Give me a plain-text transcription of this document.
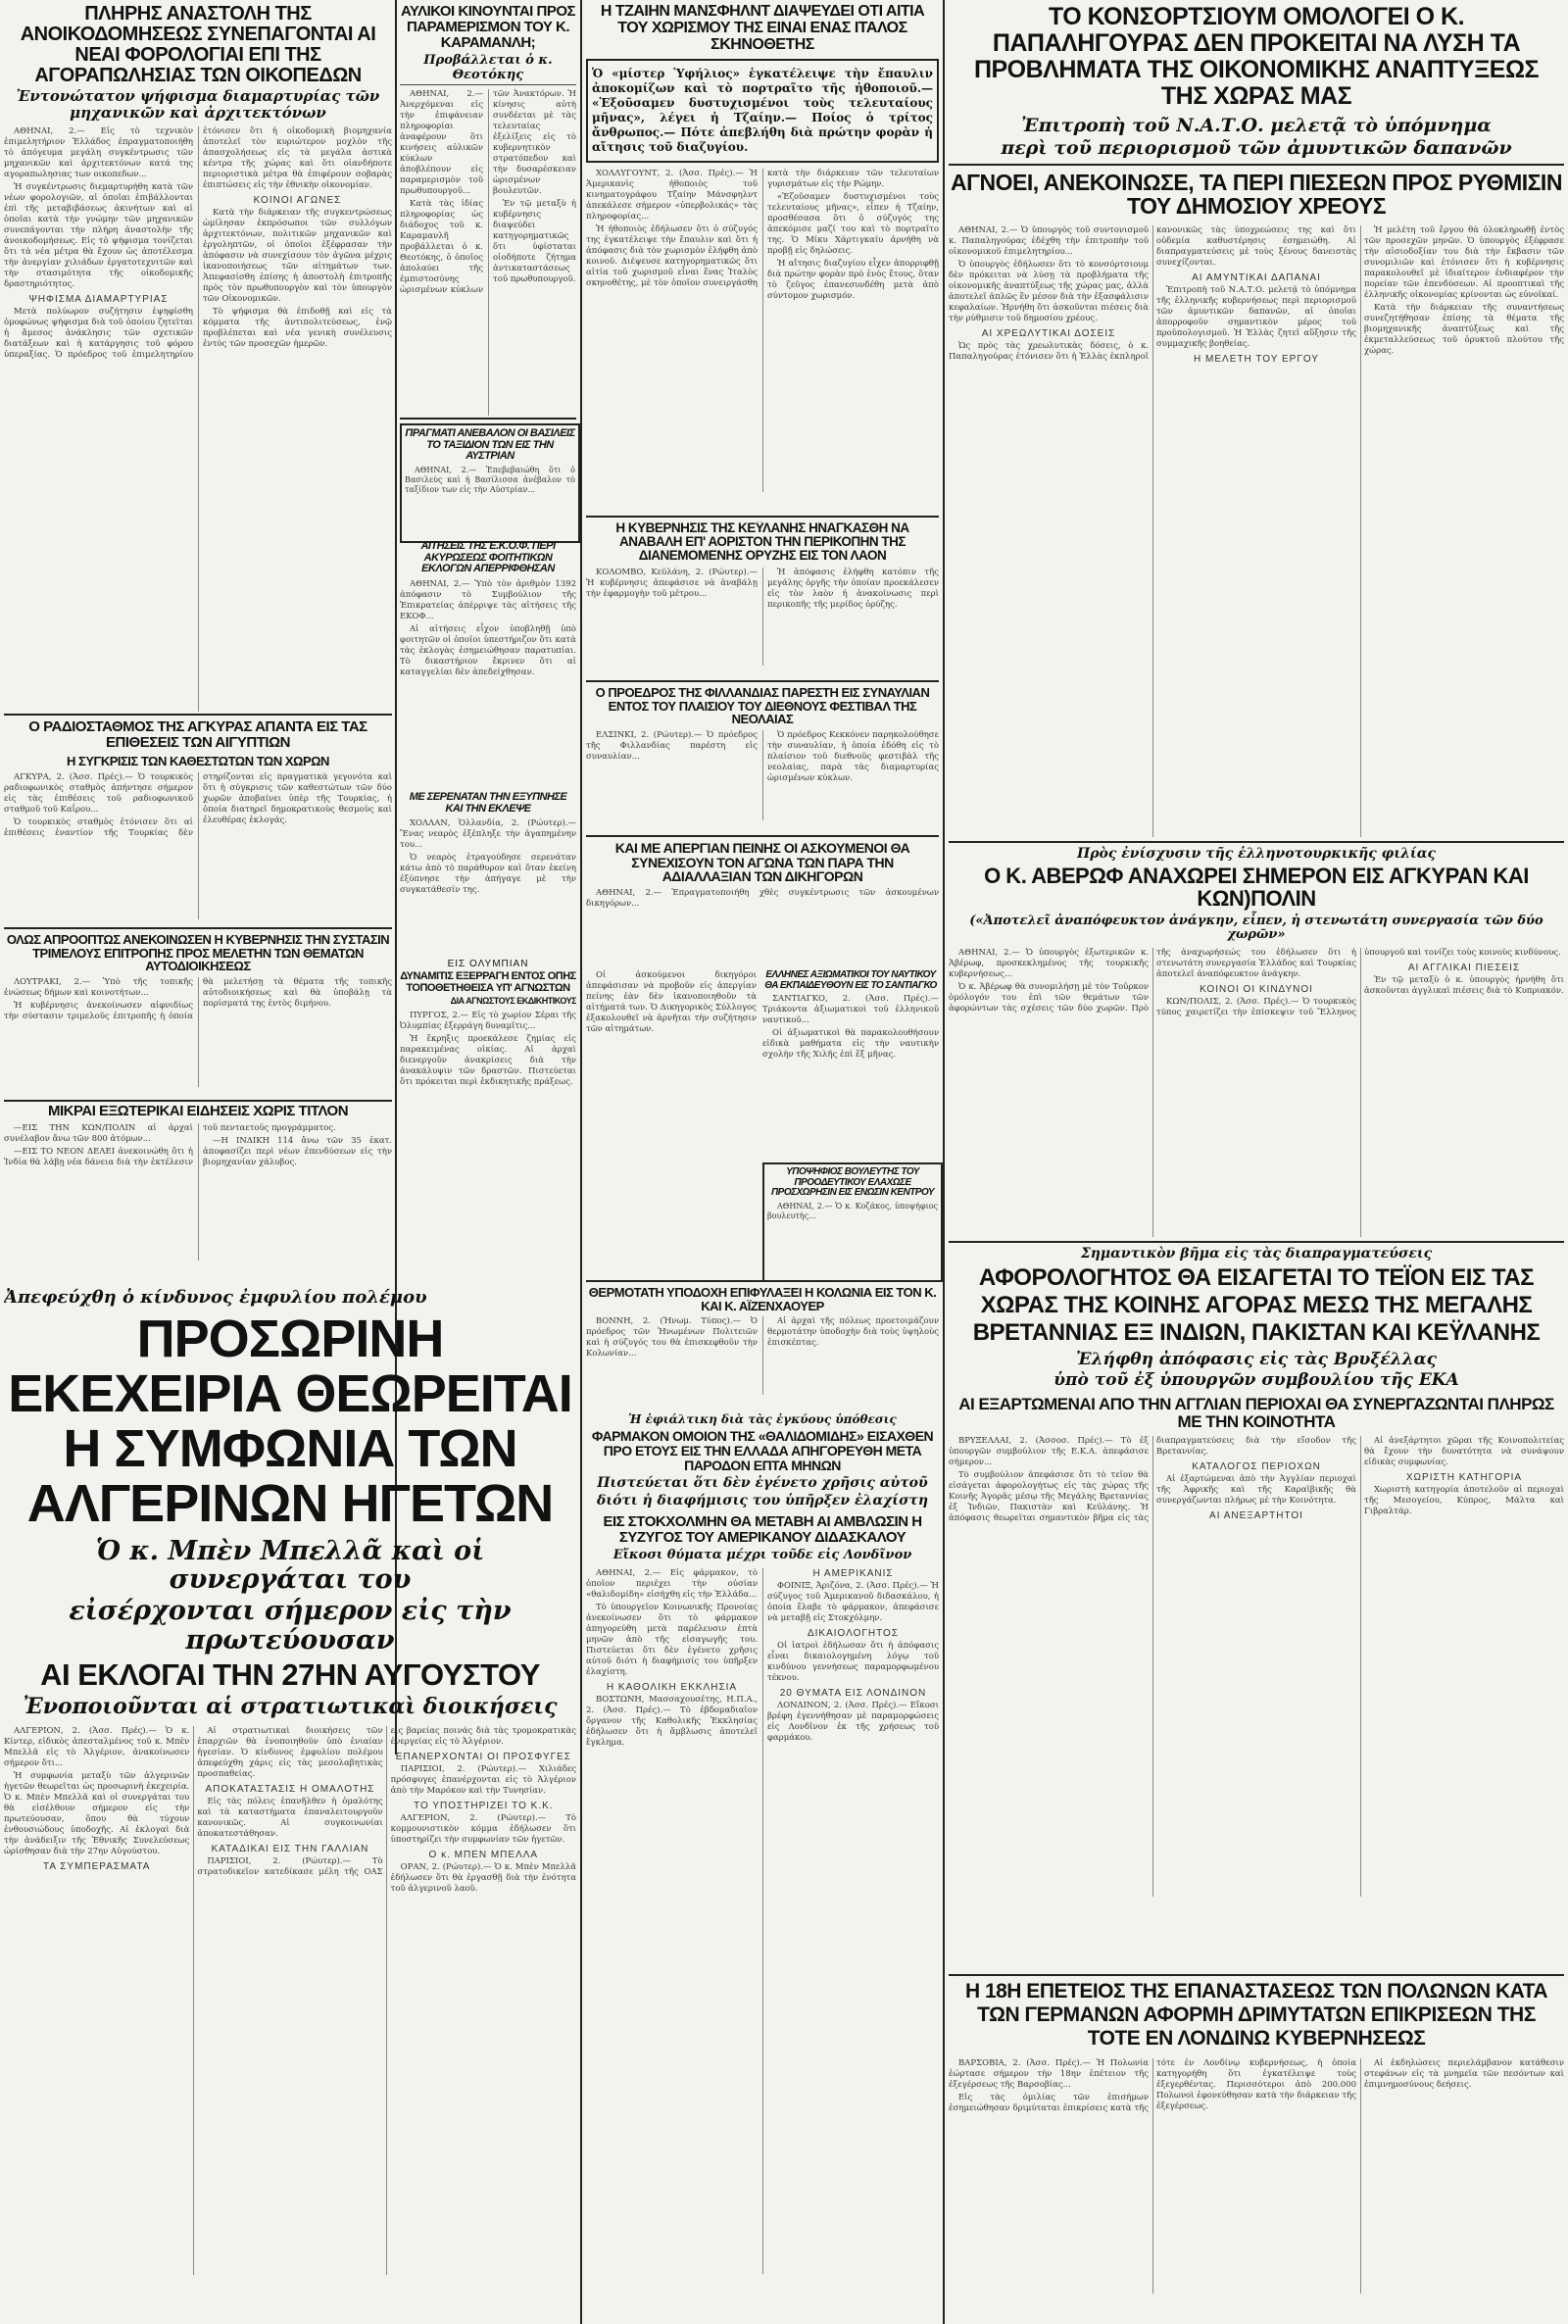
ΠΛΗΡΗΣ ΑΝΑΣΤΟΛΗ ΤΗΣ ΑΝΟΙΚΟΔΟΜΗΣΕΩΣ ΣΥΝΕΠΑΓΟΝΤΑΙ ΑΙ ΝΕΑΙ ΦΟΡΟΛΟΓΙΑΙ ΕΠΙ ΤΗΣ ΑΓΟΡΑΠΩΛΗΣΙΑΣ ΤΩΝ ΟΙΚΟΠΕΔΩΝ
Ἐντονώτατον ψήφισμα διαμαρτυρίας τῶν μηχανικῶν καὶ ἀρχιτεκτόνων

ΑΘΗΝΑΙ, 2.— Εἰς τὸ τεχνικὸν ἐπιμελητήριον Ἑλλάδος ἐπραγματοποιήθη τὸ ἀπόγευμα μεγάλη συγκέντρωσις τῶν μηχανικῶν καὶ ἀρχιτεκτόνων κατά της αγοραπωλησιας των οικοπεδων...

Ἡ συγκέντρωσις διεμαρτυρήθη κατὰ τῶν νέων φορολογιῶν, αἱ ὁποῖαι ἐπιβάλλονται ἐπὶ τῆς μεταβιβάσεως ἀκινήτων καὶ αἱ ὁποῖαι κατὰ τὴν γνώμην τῶν μηχανικῶν συνεπάγονται τὴν πλήρη ἀναστολὴν τῆς ἀνοικοδομήσεως. Εἰς τὸ ψήφισμα τονίζεται ὅτι τὰ νέα μέτρα θὰ ἔχουν ὡς ἀποτέλεσμα τὴν ἀνεργίαν χιλιάδων ἐργατοτεχνιτῶν καὶ τὴν στασιμότητα τῆς οἰκοδομικῆς δραστηριότητος.

ΨΗΦΙΣΜΑ ΔΙΑΜΑΡΤΥΡΙΑΣ

Μετὰ πολύωρον συζήτησιν ἐψηφίσθη ὁμοφώνως ψήφισμα διὰ τοῦ ὁποίου ζητεῖται ἡ ἄμεσος ἀνάκλησις τῶν σχετικῶν διατάξεων καὶ ἡ κατάργησις τοῦ φόρου ὑπεραξίας. Ὁ πρόεδρος τοῦ ἐπιμελητηρίου ἐτόνισεν ὅτι ἡ οἰκοδομικὴ βιομηχανία ἀποτελεῖ τὸν κυριώτερον μοχλὸν τῆς ἀπασχολήσεως εἰς τὰ μεγάλα ἀστικὰ κέντρα τῆς χώρας καὶ ὅτι οἱανδήποτε περιοριστικὰ μέτρα θὰ ἐπιφέρουν σοβαρὰς ἐπιπτώσεις εἰς τὴν ἐθνικὴν οἰκονομίαν.

ΚΟΙΝΟΙ ΑΓΩΝΕΣ

Κατὰ τὴν διάρκειαν τῆς συγκεντρώσεως ὡμίλησαν ἐκπρόσωποι τῶν συλλόγων ἀρχιτεκτόνων, πολιτικῶν μηχανικῶν καὶ ἐργοληπτῶν, οἱ ὁποῖοι ἐξέφρασαν τὴν ἀπόφασιν νὰ συνεχίσουν τὸν ἀγῶνα μέχρις ἱκανοποιήσεως τῶν αἰτημάτων των. Ἀπεφασίσθη ἐπίσης ἡ ἀποστολὴ ἐπιτροπῆς πρὸς τὸν πρωθυπουργὸν καὶ τὸν ὑπουργὸν τῶν Οἰκονομικῶν.

Τὸ ψήφισμα θὰ ἐπιδοθῇ καὶ εἰς τὰ κόμματα τῆς ἀντιπολιτεύσεως, ἐνῷ προβλέπεται καὶ νέα γενικὴ συνέλευσις ἐντὸς τῶν προσεχῶν ἡμερῶν.

Ο ΡΑΔΙΟΣΤΑΘΜΟΣ ΤΗΣ ΑΓΚΥΡΑΣ ΑΠΑΝΤΑ ΕΙΣ ΤΑΣ ΕΠΙΘΕΣΕΙΣ ΤΩΝ ΑΙΓΥΠΤΙΩΝ
Η ΣΥΓΚΡΙΣΙΣ ΤΩΝ ΚΑΘΕΣΤΩΤΩΝ ΤΩΝ ΧΩΡΩΝ

ΑΓΚΥΡΑ, 2. (Ἀσσ. Πρές).— Ὁ τουρκικὸς ραδιοφωνικὸς σταθμὸς ἀπήντησε σήμερον εἰς τὰς ἐπιθέσεις τοῦ ραδιοφωνικοῦ σταθμοῦ τοῦ Καΐρου...

Ὁ τουρκικὸς σταθμὸς ἐτόνισεν ὅτι αἱ ἐπιθέσεις ἐναντίον τῆς Τουρκίας δὲν στηρίζονται εἰς πραγματικὰ γεγονότα καὶ ὅτι ἡ σύγκρισις τῶν καθεστώτων τῶν δύο χωρῶν ἀποβαίνει ὑπὲρ τῆς Τουρκίας, ἡ ὁποία διατηρεῖ δημοκρατικοὺς θεσμοὺς καὶ ἐλευθέρας ἐκλογάς.

ΟΛΩΣ ΑΠΡΟΟΠΤΩΣ ΑΝΕΚΟΙΝΩΣΕΝ Η ΚΥΒΕΡΝΗΣΙΣ ΤΗΝ ΣΥΣΤΑΣΙΝ ΤΡΙΜΕΛΟΥΣ ΕΠΙΤΡΟΠΗΣ ΠΡΟΣ ΜΕΛΕΤΗΝ ΤΩΝ ΘΕΜΑΤΩΝ ΑΥΤΟΔΙΟΙΚΗΣΕΩΣ

ΛΟΥΤΡΑΚΙ, 2.— Ὑπὸ τῆς τοπικῆς ἐνώσεως δήμων καὶ κοινοτήτων...

Ἡ κυβέρνησις ἀνεκοίνωσεν αἰφνιδίως τὴν σύστασιν τριμελοῦς ἐπιτροπῆς ἡ ὁποία θὰ μελετήσῃ τὰ θέματα τῆς τοπικῆς αὐτοδιοικήσεως καὶ θὰ ὑποβάλῃ τὰ πορίσματά της ἐντὸς διμήνου.

ΜΙΚΡΑΙ ΕΞΩΤΕΡΙΚΑΙ ΕΙΔΗΣΕΙΣ ΧΩΡΙΣ ΤΙΤΛΟΝ

—ΕΙΣ ΤΗΝ ΚΩΝ/ΠΟΛΙΝ αἱ ἀρχαὶ συνέλαβον ἄνω τῶν 800 ἀτόμων...

—ΕΙΣ ΤΟ ΝΕΟΝ ΔΕΛΕΙ ἀνεκοινώθη ὅτι ἡ Ἰνδία θὰ λάβῃ νέα δάνεια διὰ τὴν ἐκτέλεσιν τοῦ πενταετοῦς προγράμματος.

—Η ΙΝΔΙΚΗ 114 ἄνω τῶν 35 ἑκατ. ἀποφασίζει περὶ νέων ἐπενδύσεων εἰς τὴν βιομηχανίαν χάλυβος.

ΑΥΛΙΚΟΙ ΚΙΝΟΥΝΤΑΙ ΠΡΟΣ ΠΑΡΑΜΕΡΙΣΜΟΝ ΤΟΥ Κ. ΚΑΡΑΜΑΝΛΗ;
Προβάλλεται ὁ κ. Θεοτόκης

ΑΘΗΝΑΙ, 2.— Ἀνερχόμεναι εἰς τὴν ἐπιφάνειαν πληροφορίαι ἀναφέρουν ὅτι κινήσεις αὐλικῶν κύκλων ἀποβλέπουν εἰς παραμερισμὸν τοῦ πρωθυπουργοῦ...

Κατὰ τὰς ἰδίας πληροφορίας ὡς διάδοχος τοῦ κ. Καραμανλῆ προβάλλεται ὁ κ. Θεοτόκης, ὁ ὁποῖος ἀπολαύει τῆς ἐμπιστοσύνης ὡρισμένων κύκλων τῶν Ἀνακτόρων. Ἡ κίνησις αὐτὴ συνδέεται μὲ τὰς τελευταίας ἐξελίξεις εἰς τὸ κυβερνητικὸν στρατόπεδον καὶ τὴν δυσαρέσκειαν ὡρισμένων βουλευτῶν.

Ἐν τῷ μεταξὺ ἡ κυβέρνησις διαψεύδει κατηγορηματικῶς ὅτι ὑφίσταται οἱοδήποτε ζήτημα ἀντικαταστάσεως τοῦ πρωθυπουργοῦ.

ΠΡΑΓΜΑΤΙ ΑΝΕΒΑΛΟΝ ΟΙ ΒΑΣΙΛΕΙΣ ΤΟ ΤΑΞΙΔΙΟΝ ΤΩΝ ΕΙΣ ΤΗΝ ΑΥΣΤΡΙΑΝ

ΑΘΗΝΑΙ, 2.— Ἐπεβεβαιώθη ὅτι ὁ Βασιλεὺς καὶ ἡ Βασίλισσα ἀνέβαλον τὸ ταξίδιον των εἰς τὴν Αὐστρίαν...

ΑΙΤΗΣΕΙΣ ΤΗΣ Ε.Κ.Ο.Φ. ΠΕΡΙ ΑΚΥΡΩΣΕΩΣ ΦΟΙΤΗΤΙΚΩΝ ΕΚΛΟΓΩΝ ΑΠΕΡΡΙΦΘΗΣΑΝ

ΑΘΗΝΑΙ, 2.— Ὑπὸ τὸν ἀριθμὸν 1392 ἀπόφασιν τὸ Συμβούλιον τῆς Ἐπικρατείας ἀπέρριψε τὰς αἰτήσεις τῆς ΕΚΟΦ...

Αἱ αἰτήσεις εἶχον ὑποβληθῇ ὑπὸ φοιτητῶν οἱ ὁποῖοι ὑπεστήριζον ὅτι κατὰ τὰς ἐκλογὰς ἐσημειώθησαν παρατυπίαι. Τὸ δικαστήριον ἔκρινεν ὅτι αἱ καταγγελίαι δὲν ἀπεδείχθησαν.

ΜΕ ΣΕΡΕΝΑΤΑΝ ΤΗΝ ΕΞΥΠΝΗΣΕ ΚΑΙ ΤΗΝ ΕΚΛΕΨΕ

ΧΟΛΛΑΝ, Ὁλλανδία, 2. (Ρώυτερ).— Ἕνας νεαρὸς ἐξέπληξε τὴν ἀγαπημένην του...

Ὁ νεαρὸς ἐτραγούδησε σερενάταν κάτω ἀπὸ τὸ παράθυρον καὶ ὅταν ἐκείνη ἐξύπνησε τὴν ἀπήγαγε μὲ τὴν συγκατάθεσίν της.

ΕΙΣ ΟΛΥΜΠΙΑΝ
ΔΥΝΑΜΙΤΙΣ ΕΞΕΡΡΑΓΗ ΕΝΤΟΣ ΟΠΗΣ ΤΟΠΟΘΕΤΗΘΕΙΣΑ ΥΠ' ΑΓΝΩΣΤΩΝ
ΔΙΑ ΑΓΝΩΣΤΟΥΣ ΕΚΔΙΚΗΤΙΚΟΥΣ

ΠΥΡΓΟΣ, 2.— Εἰς τὸ χωρίον Σέραι τῆς Ὀλυμπίας ἐξερράγη δυναμῖτις...

Ἡ ἔκρηξις προεκάλεσε ζημίας εἰς παρακειμένας οἰκίας. Αἱ ἀρχαὶ διενεργοῦν ἀνακρίσεις διὰ τὴν ἀνακάλυψιν τῶν δραστῶν. Πιστεύεται ὅτι πρόκειται περὶ ἐκδικητικῆς πράξεως.

Η ΤΖΑΙΗΝ ΜΑΝΣΦΗΛΝΤ ΔΙΑΨΕΥΔΕΙ ΟΤΙ ΑΙΤΙΑ ΤΟΥ ΧΩΡΙΣΜΟΥ ΤΗΣ ΕΙΝΑΙ ΕΝΑΣ ΙΤΑΛΟΣ ΣΚΗΝΟΘΕΤΗΣ
Ὁ «μίστερ Ὑφήλιος» ἐγκατέλειψε τὴν ἔπαυλιν ἀποκομίζων καὶ τὸ πορτραῖτο τῆς ἠθοποιοῦ.— «Ἐξοῦσαμεν δυστυχισμένοι τοὺς τελευταίους μῆνας», λέγει ἡ Τζαίην.— Ποίος ὁ τρίτος ἄνθρωπος.— Πότε ἀπεβλήθη διὰ πρώτην φορὰν ἡ αἴτησις τοῦ διαζυγίου.

ΧΟΛΛΥΓΟΥΝΤ, 2. (Ἀσσ. Πρές).— Ἡ Ἀμερικανὶς ἠθοποιὸς τοῦ κινηματογράφου Τζαίην Μάνσφηλντ ἀπεκάλεσε σήμερον «ὑπερβολικάς» τὰς πληροφορίας...

Ἡ ἠθοποιὸς ἐδήλωσεν ὅτι ὁ σύζυγός της ἐγκατέλειψε τὴν ἔπαυλιν καὶ ὅτι ἡ ἀπόφασις διὰ τὸν χωρισμὸν ἐλήφθη ἀπὸ κοινοῦ. Διέψευσε κατηγορηματικῶς ὅτι αἰτία τοῦ χωρισμοῦ εἶναι ἕνας Ἰταλὸς σκηνοθέτης, μὲ τὸν ὁποῖον συνειργάσθη κατὰ τὴν διάρκειαν τῶν τελευταίων γυρισμάτων εἰς τὴν Ρώμην.

«Ἐζοῦσαμεν δυστυχισμένοι τοὺς τελευταίους μῆνας», εἶπεν ἡ Τζαίην, προσθέσασα ὅτι ὁ σύζυγός της ἀπεκόμισε μαζί του καὶ τὸ πορτραῖτο της. Ὁ Μίκυ Χάρτιγκαίυ ἀρνήθη νὰ προβῇ εἰς δηλώσεις.

Ἡ αἴτησις διαζυγίου εἶχεν ἀπορριφθῇ διὰ πρώτην φορὰν πρὸ ἑνὸς ἔτους, ὅταν τὸ ζεῦγος ἐπανεσυνδέθη μετὰ ἀπὸ σύντομον χωρισμόν.

Η ΚΥΒΕΡΝΗΣΙΣ ΤΗΣ ΚΕΫΛΑΝΗΣ ΗΝΑΓΚΑΣΘΗ ΝΑ ΑΝΑΒΑΛΗ ΕΠ' ΑΟΡΙΣΤΟΝ ΤΗΝ ΠΕΡΙΚΟΠΗΝ ΤΗΣ ΔΙΑΝΕΜΟΜΕΝΗΣ ΟΡΥΖΗΣ ΕΙΣ ΤΟΝ ΛΑΟΝ

ΚΟΛΟΜΒΟ, Κεϋλάνη, 2. (Ρώυτερ).— Ἡ κυβέρνησις ἀπεφάσισε νὰ ἀναβάλῃ τὴν ἐφαρμογὴν τοῦ μέτρου...

Ἡ ἀπόφασις ἐλήφθη κατόπιν τῆς μεγάλης ὀργῆς τὴν ὁποίαν προεκάλεσεν εἰς τὸν λαὸν ἡ ἀνακοίνωσις περὶ περικοπῆς τῆς μερίδος ὀρύζης.

Ο ΠΡΟΕΔΡΟΣ ΤΗΣ ΦΙΛΛΑΝΔΙΑΣ ΠΑΡΕΣΤΗ ΕΙΣ ΣΥΝΑΥΛΙΑΝ ΕΝΤΟΣ ΤΟΥ ΠΛΑΙΣΙΟΥ ΤΟΥ ΔΙΕΘΝΟΥΣ ΦΕΣΤΙΒΑΛ ΤΗΣ ΝΕΟΛΑΙΑΣ

ΕΛΣΙΝΚΙ, 2. (Ρώυτερ).— Ὁ πρόεδρος τῆς Φιλλανδίας παρέστη εἰς συναυλίαν...

Ὁ πρόεδρος Κεκκόνεν παρηκολούθησε τὴν συναυλίαν, ἡ ὁποία ἐδόθη εἰς τὸ πλαίσιον τοῦ διεθνοῦς φεστιβὰλ τῆς νεολαίας, παρὰ τὰς διαμαρτυρίας ὡρισμένων κύκλων.

ΚΑΙ ΜΕ ΑΠΕΡΓΙΑΝ ΠΕΙΝΗΣ ΟΙ ΑΣΚΟΥΜΕΝΟΙ ΘΑ ΣΥΝΕΧΙΣΟΥΝ ΤΟΝ ΑΓΩΝΑ ΤΩΝ ΠΑΡΑ ΤΗΝ ΑΔΙΑΛΛΑΞΙΑΝ ΤΩΝ ΔΙΚΗΓΟΡΩΝ

ΑΘΗΝΑΙ, 2.— Ἐπραγματοποιήθη χθὲς συγκέντρωσις τῶν ἀσκουμένων δικηγόρων...

ΕΛΛΗΝΕΣ ΑΞΙΩΜΑΤΙΚΟΙ ΤΟΥ ΝΑΥΤΙΚΟΥ ΘΑ ΕΚΠΑΙΔΕΥΘΟΥΝ ΕΙΣ ΤΟ ΣΑΝΤΙΑΓΚΟ

ΣΑΝΤΙΑΓΚΟ, 2. (Ἀσσ. Πρές).— Τριάκοντα ἀξιωματικοὶ τοῦ ἑλληνικοῦ ναυτικοῦ...

Οἱ ἀξιωματικοὶ θὰ παρακολουθήσουν εἰδικὰ μαθήματα εἰς τὴν ναυτικὴν σχολὴν τῆς Χιλῆς ἐπὶ ἕξ μῆνας.

Οἱ ἀσκούμενοι δικηγόροι ἀπεφάσισαν νὰ προβοῦν εἰς ἀπεργίαν πείνης ἐὰν δὲν ἱκανοποιηθοῦν τὰ αἰτήματά των. Ὁ Δικηγορικὸς Σύλλογος ἐξακολουθεῖ νὰ ἀρνῆται τὴν συζήτησιν τῶν αἰτημάτων.

ΥΠΟΨΗΦΙΟΣ ΒΟΥΛΕΥΤΗΣ ΤΟΥ ΠΡΟΟΔΕΥΤΙΚΟΥ ΕΛΑΧΩΣΕ ΠΡΟΣΧΩΡΗΣΙΝ ΕΙΣ ΕΝΩΣΙΝ ΚΕΝΤΡΟΥ

ΑΘΗΝΑΙ, 2.— Ὁ κ. Κοζάκος, ὑποψήφιος βουλευτὴς...

ΘΕΡΜΟΤΑΤΗ ΥΠΟΔΟΧΗ ΕΠΙΦΥΛΑΞΕΙ Η ΚΟΛΩΝΙΑ ΕΙΣ ΤΟΝ Κ. ΚΑΙ Κ. ΑΪΖΕΝΧΑΟΥΕΡ

ΒΟΝΝΗ, 2. (Ἡνωμ. Τύπος).— Ὁ πρόεδρος τῶν Ἡνωμένων Πολιτειῶν καὶ ἡ σύζυγός του θὰ ἐπισκεφθοῦν τὴν Κολωνίαν...

Αἱ ἀρχαὶ τῆς πόλεως προετοιμάζουν θερμοτάτην ὑποδοχὴν διὰ τοὺς ὑψηλοὺς ἐπισκέπτας.

Ἀπεφεύχθη ὁ κίνδυνος ἐμφυλίου πολέμου
ΠΡΟΣΩΡΙΝΗ ΕΚΕΧΕΙΡΙΑ ΘΕΩΡΕΙΤΑΙ Η ΣΥΜΦΩΝΙΑ ΤΩΝ ΑΛΓΕΡΙΝΩΝ ΗΓΕΤΩΝ
Ὁ κ. Μπὲν Μπελλᾶ καὶ οἱ συνεργάται του
εἰσέρχονται σήμερον εἰς τὴν πρωτεύουσαν
ΑΙ ΕΚΛΟΓΑΙ ΤΗΝ 27ΗΝ ΑΥΓΟΥΣΤΟΥ
Ἐνοποιοῦνται αἱ στρατιωτικαὶ διοικήσεις

ΑΛΓΕΡΙΟΝ, 2. (Ἀσσ. Πρές).— Ὁ κ. Κίντερ, εἰδικὸς ἀπεσταλμένος τοῦ κ. Μπὲν Μπελλᾶ εἰς τὸ Ἀλγέριον, ἀνακοίνωσεν σήμερον ὅτι...

Ἡ συμφωνία μεταξὺ τῶν ἀλγερινῶν ἡγετῶν θεωρεῖται ὡς προσωρινὴ ἐκεχειρία. Ὁ κ. Μπὲν Μπελλᾶ καὶ οἱ συνεργάται του θὰ εἰσέλθουν σήμερον εἰς τὴν πρωτεύουσαν, ὅπου θὰ τύχουν ἐνθουσιώδους ὑποδοχῆς. Αἱ ἐκλογαὶ διὰ τὴν ἀνάδειξιν τῆς Ἐθνικῆς Συνελεύσεως ὡρίσθησαν διὰ τὴν 27ην Αὐγούστου.

ΤΑ ΣΥΜΠΕΡΑΣΜΑΤΑ

Αἱ στρατιωτικαὶ διοικήσεις τῶν ἐπαρχιῶν θὰ ἐνοποιηθοῦν ὑπὸ ἑνιαίαν ἡγεσίαν. Ὁ κίνδυνος ἐμφυλίου πολέμου ἀπεφεύχθη χάρις εἰς τὰς μεσολαβητικὰς προσπαθείας.

ΑΠΟΚΑΤΑΣΤΑΣΙΣ Η ΟΜΑΛΟΤΗΣ

Εἰς τὰς πόλεις ἐπανῆλθεν ἡ ὁμαλότης καὶ τὰ καταστήματα ἐπαναλειτουργοῦν κανονικῶς. Αἱ συγκοινωνίαι ἀποκατεστάθησαν.

ΚΑΤΑΔΙΚΑΙ ΕΙΣ ΤΗΝ ΓΑΛΛΙΑΝ

ΠΑΡΙΣΙΟΙ, 2. (Ρώυτερ).— Τὸ στρατοδικεῖον κατεδίκασε μέλη τῆς ΟΑΣ εἰς βαρείας ποινάς διὰ τὰς τρομοκρατικὰς ἐνεργείας εἰς τὸ Ἀλγέριον.

ΕΠΑΝΕΡΧΟΝΤΑΙ ΟΙ ΠΡΟΣΦΥΓΕΣ

ΠΑΡΙΣΙΟΙ, 2. (Ρώυτερ).— Χιλιάδες πρόσφυγες ἐπανέρχονται εἰς τὸ Ἀλγέριον ἀπὸ τὴν Μαρόκον καὶ τὴν Τυνησίαν.

ΤΟ ΥΠΟΣΤΗΡΙΖΕΙ ΤΟ Κ.Κ.

ΑΛΓΕΡΙΟΝ, 2. (Ρώυτερ).— Τὸ κομμουνιστικὸν κόμμα ἐδήλωσεν ὅτι ὑποστηρίζει τὴν συμφωνίαν τῶν ἡγετῶν.

Ο κ. ΜΠΕΝ ΜΠΕΛΛΑ

ΟΡΑΝ, 2. (Ρώυτερ).— Ὁ κ. Μπὲν Μπελλᾶ ἐδήλωσεν ὅτι θὰ ἐργασθῇ διὰ τὴν ἑνότητα τοῦ ἀλγερινοῦ λαοῦ.

Ἡ ἐφιάλτικη διὰ τὰς ἐγκύους ὑπόθεσις
ΦΑΡΜΑΚΟΝ ΟΜΟΙΟΝ ΤΗΣ «ΘΑΛΙΔΟΜΙΔΗΣ» ΕΙΣΑΧΘΕΝ ΠΡΟ ΕΤΟΥΣ ΕΙΣ ΤΗΝ ΕΛΛΑΔΑ ΑΠΗΓΟΡΕΥΘΗ ΜΕΤΑ ΠΑΡΟΔΟΝ ΕΠΤΑ ΜΗΝΩΝ
Πιστεύεται ὅτι δὲν ἐγένετο χρῆσις αὐτοῦ
διότι ἡ διαφήμισις του ὑπῆρξεν ἐλαχίστη
ΕΙΣ ΣΤΟΚΧΟΛΜΗΝ ΘΑ ΜΕΤΑΒΗ ΑΙ ΑΜΒΛΩΣΙΝ Η ΣΥΖΥΓΟΣ ΤΟΥ ΑΜΕΡΙΚΑΝΟΥ ΔΙΔΑΣΚΑΛΟΥ
Εἴκοσι θύματα μέχρι τοῦδε εἰς Λονδῖνον

ΑΘΗΝΑΙ, 2.— Εἰς φάρμακον, τὸ ὁποῖον περιέχει τὴν οὐσίαν «θαλιδομίδη» εἰσήχθη εἰς τὴν Ἑλλάδα...

Τὸ ὑπουργεῖον Κοινωνικῆς Προνοίας ἀνεκοίνωσεν ὅτι τὸ φάρμακον ἀπηγορεύθη μετὰ παρέλευσιν ἑπτὰ μηνῶν ἀπὸ τῆς εἰσαγωγῆς του. Πιστεύεται ὅτι δὲν ἐγένετο χρῆσις αὐτοῦ διότι ἡ διαφήμισίς του ὑπῆρξεν ἐλαχίστη.

Η ΚΑΘΟΛΙΚΗ ΕΚΚΛΗΣΙΑ

ΒΟΣΤΩΝΗ, Μασσαχουσέτης, Η.Π.Α., 2. (Ἀσσ. Πρές).— Τὸ ἑβδομαδιαῖον ὄργανον τῆς Καθολικῆς Ἐκκλησίας ἐδήλωσεν ὅτι ἡ ἄμβλωσις ἀποτελεῖ ἔγκλημα.

Η ΑΜΕΡΙΚΑΝΙΣ

ΦΟΙΝΙΞ, Ἀριζόνα, 2. (Ἀσσ. Πρές).— Ἡ σύζυγος τοῦ Ἀμερικανοῦ διδασκάλου, ἡ ὁποία ἔλαβε τὸ φάρμακον, ἀπεφάσισε νὰ μεταβῇ εἰς Στοκχόλμην.

ΔΙΚΑΙΟΛΟΓΗΤΟΣ

Οἱ ἰατροὶ ἐδήλωσαν ὅτι ἡ ἀπόφασις εἶναι δικαιολογημένη λόγῳ τοῦ κινδύνου γεννήσεως παραμορφωμένου τέκνου.

20 ΘΥΜΑΤΑ ΕΙΣ ΛΟΝΔΙΝΟΝ

ΛΟΝΔΙΝΟΝ, 2. (Ἀσσ. Πρές).— Εἴκοσι βρέφη ἐγεννήθησαν μὲ παραμορφώσεις εἰς Λονδῖνον ἐκ τῆς χρήσεως τοῦ φαρμάκου.

ΤΟ ΚΟΝΣΟΡΤΣΙΟΥΜ ΟΜΟΛΟΓΕΙ Ο Κ. ΠΑΠΑΛΗΓΟΥΡΑΣ ΔΕΝ ΠΡΟΚΕΙΤΑΙ ΝΑ ΛΥΣΗ ΤΑ ΠΡΟΒΛΗΜΑΤΑ ΤΗΣ ΟΙΚΟΝΟΜΙΚΗΣ ΑΝΑΠΤΥΞΕΩΣ ΤΗΣ ΧΩΡΑΣ ΜΑΣ
Ἐπιτροπὴ τοῦ Ν.Α.Τ.Ο. μελετᾷ τὸ ὑπόμνημα
περὶ τοῦ περιορισμοῦ τῶν ἀμυντικῶν δαπανῶν
ΑΓΝΟΕΙ, ΑΝΕΚΟΙΝΩΣΕ, ΤΑ ΠΕΡΙ ΠΙΕΣΕΩΝ ΠΡΟΣ ΡΥΘΜΙΣΙΝ ΤΟΥ ΔΗΜΟΣΙΟΥ ΧΡΕΟΥΣ

ΑΘΗΝΑΙ, 2.— Ὁ ὑπουργὸς τοῦ συντονισμοῦ κ. Παπαληγούρας ἐδέχθη τὴν ἐπιτροπὴν τοῦ οἰκονομικοῦ ἐπιμελητηρίου...

Ὁ ὑπουργὸς ἐδήλωσεν ὅτι τὸ κονσόρτσιουμ δὲν πρόκειται νὰ λύσῃ τὰ προβλήματα τῆς οἰκονομικῆς ἀναπτύξεως τῆς χώρας μας, ἀλλὰ ἀποτελεῖ ἁπλῶς ἓν μέσον διὰ τὴν ἐξασφάλισιν κεφαλαίων. Ἠρνήθη ὅτι ἀσκοῦνται πιέσεις διὰ τὴν ρύθμισιν τοῦ δημοσίου χρέους.

ΑΙ ΧΡΕΩΛΥΤΙΚΑΙ ΔΟΣΕΙΣ

Ὡς πρὸς τὰς χρεωλυτικὰς δόσεις, ὁ κ. Παπαληγούρας ἐτόνισεν ὅτι ἡ Ἑλλὰς ἐκπληροῖ κανονικῶς τὰς ὑποχρεώσεις της καὶ ὅτι οὐδεμία καθυστέρησις ἐσημειώθη. Αἱ διαπραγματεύσεις μὲ τοὺς ξένους δανειστὰς συνεχίζονται.

ΑΙ ΑΜΥΝΤΙΚΑΙ ΔΑΠΑΝΑΙ

Ἐπιτροπὴ τοῦ Ν.Α.Τ.Ο. μελετᾷ τὸ ὑπόμνημα τῆς ἑλληνικῆς κυβερνήσεως περὶ περιορισμοῦ τῶν ἀμυντικῶν δαπανῶν, αἱ ὁποῖαι ἀπορροφοῦν σημαντικὸν μέρος τοῦ προϋπολογισμοῦ. Ἡ Ἑλλὰς ζητεῖ αὔξησιν τῆς συμμαχικῆς βοηθείας.

Η ΜΕΛΕΤΗ ΤΟΥ ΕΡΓΟΥ

Ἡ μελέτη τοῦ ἔργου θὰ ὁλοκληρωθῇ ἐντὸς τῶν προσεχῶν μηνῶν. Ὁ ὑπουργὸς ἐξέφρασε τὴν αἰσιοδοξίαν του διὰ τὴν ἔκβασιν τῶν συνομιλιῶν καὶ ἐτόνισεν ὅτι ἡ κυβέρνησις παρακολουθεῖ μὲ ἰδιαίτερον ἐνδιαφέρον τὴν πορείαν τῶν ἐπενδύσεων. Αἱ προοπτικαὶ τῆς ἑλληνικῆς οἰκονομίας κρίνονται ὡς εὐνοϊκαί.

Κατὰ τὴν διάρκειαν τῆς συναντήσεως συνεζητήθησαν ἐπίσης τὰ θέματα τῆς βιομηχανικῆς ἀναπτύξεως καὶ τῆς ἐκμεταλλεύσεως τοῦ ὀρυκτοῦ πλούτου τῆς χώρας.

Πρὸς ἐνίσχυσιν τῆς ἑλληνοτουρκικῆς φιλίας
Ο Κ. ΑΒΕΡΩΦ ΑΝΑΧΩΡΕΙ ΣΗΜΕΡΟΝ ΕΙΣ ΑΓΚΥΡΑΝ ΚΑΙ ΚΩΝ)ΠΟΛΙΝ
(«Ἀποτελεῖ ἀναπόφευκτον ἀνάγκην, εἶπεν, ἡ στενωτάτη συνεργασία τῶν δύο χωρῶν»

ΑΘΗΝΑΙ, 2.— Ὁ ὑπουργὸς ἐξωτερικῶν κ. Ἀβέρωφ, προσκεκλημένος τῆς τουρκικῆς κυβερνήσεως...

Ὁ κ. Ἀβέρωφ θὰ συνομιλήσῃ μὲ τὸν Τοῦρκον ὁμόλογόν του ἐπὶ τῶν θεμάτων τῶν ἀφορώντων τὰς σχέσεις τῶν δύο χωρῶν. Πρὸ τῆς ἀναχωρήσεώς του ἐδήλωσεν ὅτι ἡ στενωτάτη συνεργασία Ἑλλάδος καὶ Τουρκίας ἀποτελεῖ ἀναπόφευκτον ἀνάγκην.

ΚΟΙΝΟΙ ΟΙ ΚΙΝΔΥΝΟΙ

ΚΩΝ/ΠΟΛΙΣ, 2. (Ἀσσ. Πρές).— Ὁ τουρκικὸς τύπος χαιρετίζει τὴν ἐπίσκεψιν τοῦ Ἕλληνος ὑπουργοῦ καὶ τονίζει τοὺς κοινοὺς κινδύνους.

ΑΙ ΑΓΓΛΙΚΑΙ ΠΙΕΣΕΙΣ

Ἐν τῷ μεταξὺ ὁ κ. ὑπουργὸς ἠρνήθη ὅτι ἀσκοῦνται ἀγγλικαὶ πιέσεις διὰ τὸ Κυπριακόν.

Σημαντικὸν βῆμα εἰς τὰς διαπραγματεύσεις
ΑΦΟΡΟΛΟΓΗΤΟΣ ΘΑ ΕΙΣΑΓΕΤΑΙ ΤΟ ΤΕΪΟΝ ΕΙΣ ΤΑΣ ΧΩΡΑΣ ΤΗΣ ΚΟΙΝΗΣ ΑΓΟΡΑΣ ΜΕΣΩ ΤΗΣ ΜΕΓΑΛΗΣ ΒΡΕΤΑΝΝΙΑΣ ΕΞ ΙΝΔΙΩΝ, ΠΑΚΙΣΤΑΝ ΚΑΙ ΚΕΫΛΑΝΗΣ
Ἐλήφθη ἀπόφασις εἰς τὰς Βρυξέλλας
ὑπὸ τοῦ ἐξ ὑπουργῶν συμβουλίου τῆς ΕΚΑ
ΑΙ ΕΞΑΡΤΩΜΕΝΑΙ ΑΠΟ ΤΗΝ ΑΓΓΛΙΑΝ ΠΕΡΙΟΧΑΙ ΘΑ ΣΥΝΕΡΓΑΖΩΝΤΑΙ ΠΛΗΡΩΣ ΜΕ ΤΗΝ ΚΟΙΝΟΤΗΤΑ

ΒΡΥΞΕΛΛΑΙ, 2. (Ἀσσοσ. Πρές).— Τὸ ἐξ ὑπουργῶν συμβούλιον τῆς Ε.Κ.Α. ἀπεφάσισε σήμερον...

Τὸ συμβούλιον ἀπεφάσισε ὅτι τὸ τεῖον θὰ εἰσάγεται ἀφορολογήτως εἰς τὰς χώρας τῆς Κοινῆς Ἀγορᾶς μέσῳ τῆς Μεγάλης Βρεταννίας ἐξ Ἰνδιῶν, Πακιστὰν καὶ Κεϋλάνης. Ἡ ἀπόφασις θεωρεῖται σημαντικὸν βῆμα εἰς τὰς διαπραγματεύσεις διὰ τὴν εἴσοδον τῆς Βρεταννίας.

ΚΑΤΑΛΟΓΟΣ ΠΕΡΙΟΧΩΝ

Αἱ ἐξαρτώμεναι ἀπὸ τὴν Ἀγγλίαν περιοχαὶ τῆς Ἀφρικῆς καὶ τῆς Καραϊβικῆς θὰ συνεργάζωνται πλήρως μὲ τὴν Κοινότητα.

ΑΙ ΑΝΕΞΑΡΤΗΤΟΙ

Αἱ ἀνεξάρτητοι χῶραι τῆς Κοινοπολιτείας θὰ ἔχουν τὴν δυνατότητα νὰ συνάψουν εἰδικὰς συμφωνίας.

ΧΩΡΙΣΤΗ ΚΑΤΗΓΟΡΙΑ

Χωριστὴ κατηγορία ἀποτελοῦν αἱ περιοχαὶ τῆς Μεσογείου, Κύπρος, Μάλτα καὶ Γιβραλτάρ.

Η 18Η ΕΠΕΤΕΙΟΣ ΤΗΣ ΕΠΑΝΑΣΤΑΣΕΩΣ ΤΩΝ ΠΟΛΩΝΩΝ ΚΑΤΑ ΤΩΝ ΓΕΡΜΑΝΩΝ ΑΦΟΡΜΗ ΔΡΙΜΥΤΑΤΩΝ ΕΠΙΚΡΙΣΕΩΝ ΤΗΣ ΤΟΤΕ ΕΝ ΛΟΝΔΙΝΩ ΚΥΒΕΡΝΗΣΕΩΣ

ΒΑΡΣΟΒΙΑ, 2. (Ἀσσ. Πρές).— Ἡ Πολωνία ἐώρτασε σήμερον τὴν 18ην ἐπέτειον τῆς ἐξεγέρσεως τῆς Βαρσοβίας...

Εἰς τὰς ὁμιλίας τῶν ἐπισήμων ἐσημειώθησαν δριμύταται ἐπικρίσεις κατὰ τῆς τότε ἐν Λονδίνῳ κυβερνήσεως, ἡ ὁποία κατηγορήθη ὅτι ἐγκατέλειψε τοὺς ἐξεγερθέντας. Περισσότεροι ἀπὸ 200.000 Πολωνοὶ ἐφονεύθησαν κατὰ τὴν διάρκειαν τῆς ἐξεγέρσεως.

Αἱ ἐκδηλώσεις περιελάμβανον κατάθεσιν στεφάνων εἰς τὰ μνημεῖα τῶν πεσόντων καὶ ἐπιμνημοσύνους δεήσεις.
